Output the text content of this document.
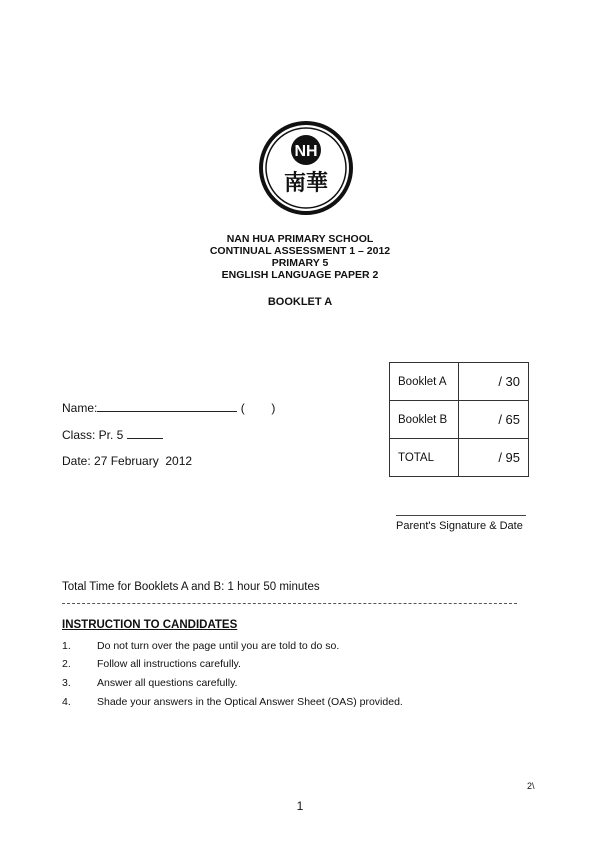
NH
南華
NAN HUA PRIMARY SCHOOL
CONTINUAL ASSESSMENT 1 – 2012
PRIMARY 5
ENGLISH LANGUAGE PAPER 2
BOOKLET A
Name:	(        )
Class: Pr. 5
Date: 27 February  2012
Booklet A	/ 30
Booklet B	/ 65
TOTAL	/ 95
Parent's Signature & Date
Total Time for Booklets A and B: 1 hour 50 minutes
INSTRUCTION TO CANDIDATES
1. Do not turn over the page until you are told to do so.
2. Follow all instructions carefully.
3. Answer all questions carefully.
4. Shade your answers in the Optical Answer Sheet (OAS) provided.
2\
1
